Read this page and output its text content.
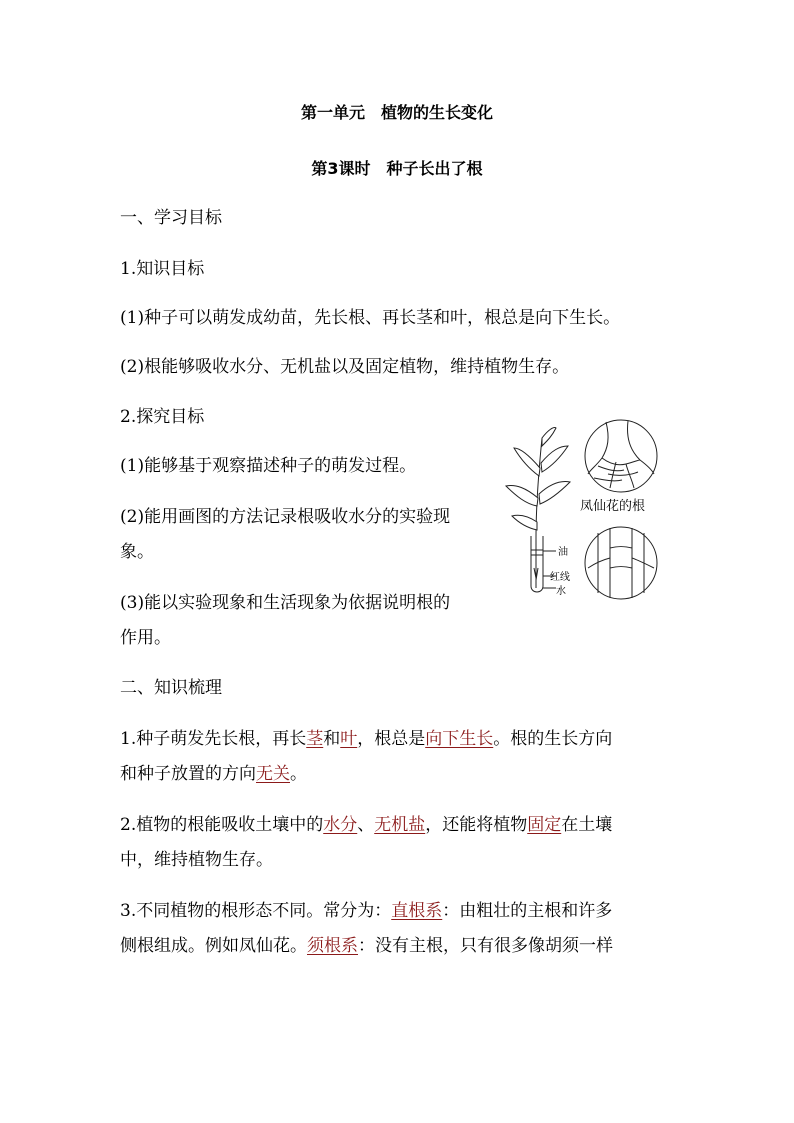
第一单元　植物的生长变化
第3课时　种子长出了根
一、学习目标
1.知识目标
(1)种子可以萌发成幼苗，先长根、再长茎和叶，根总是向下生长。
(2)根能够吸收水分、无机盐以及固定植物，维持植物生存。
2.探究目标
(1)能够基于观察描述种子的萌发过程。
(2)能用画图的方法记录根吸收水分的实验现
象。
(3)能以实验现象和生活现象为依据说明根的
作用。
二、知识梳理
1.种子萌发先长根，再长茎和叶，根总是向下生长。根的生长方向
和种子放置的方向无关。
2.植物的根能吸收土壤中的水分、无机盐，还能将植物固定在土壤
中，维持植物生存。
3.不同植物的根形态不同。常分为：直根系：由粗壮的主根和许多
侧根组成。例如凤仙花。须根系：没有主根，只有很多像胡须一样
凤仙花的根
油
红线
水
